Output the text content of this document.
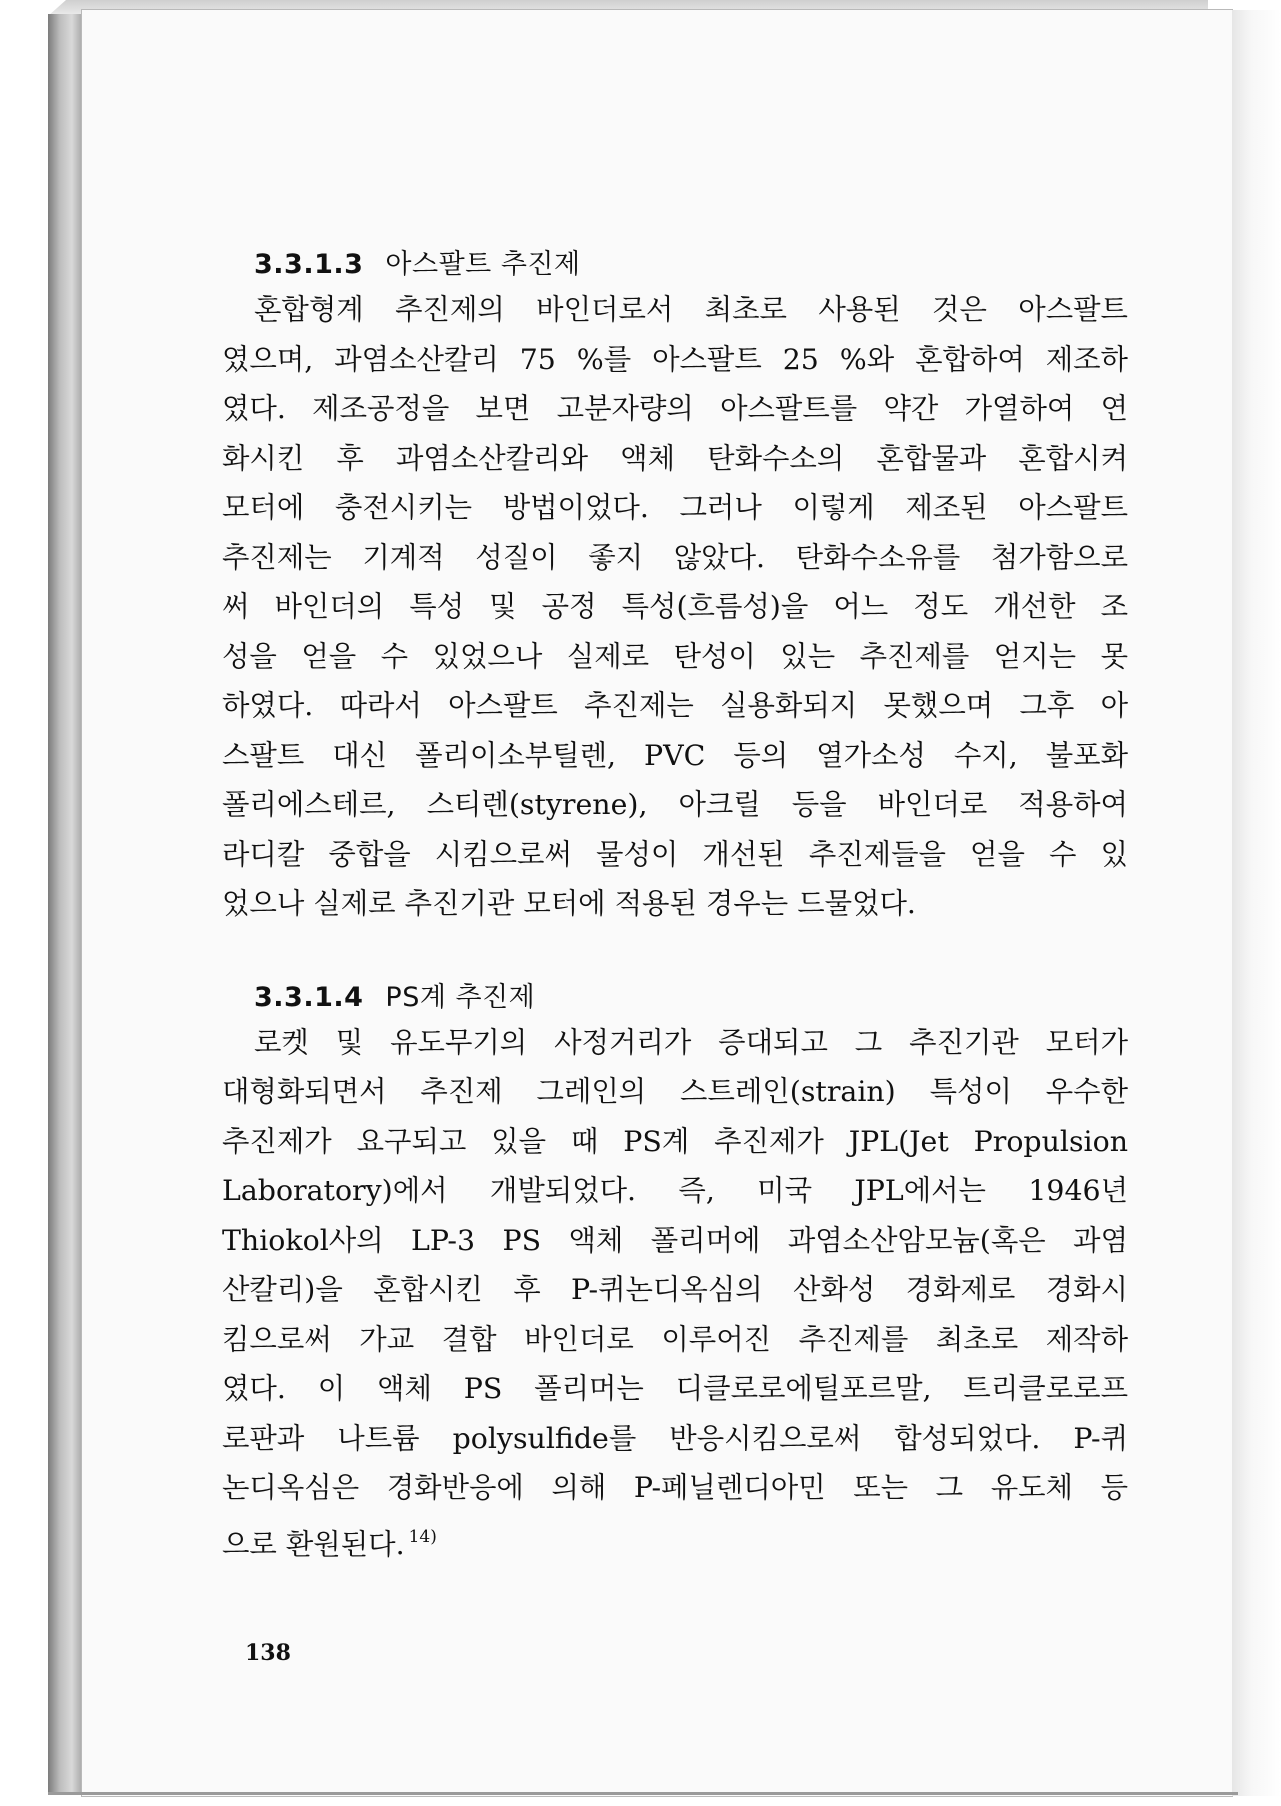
3.3.1.3 아스팔트 추진제
혼합형계 추진제의 바인더로서 최초로 사용된 것은 아스팔트
였으며, 과염소산칼리 75 %를 아스팔트 25 %와 혼합하여 제조하
였다. 제조공정을 보면 고분자량의 아스팔트를 약간 가열하여 연
화시킨 후 과염소산칼리와 액체 탄화수소의 혼합물과 혼합시켜
모터에 충전시키는 방법이었다. 그러나 이렇게 제조된 아스팔트
추진제는 기계적 성질이 좋지 않았다. 탄화수소유를 첨가함으로
써 바인더의 특성 및 공정 특성(흐름성)을 어느 정도 개선한 조
성을 얻을 수 있었으나 실제로 탄성이 있는 추진제를 얻지는 못
하였다. 따라서 아스팔트 추진제는 실용화되지 못했으며 그후 아
스팔트 대신 폴리이소부틸렌, PVC 등의 열가소성 수지, 불포화
폴리에스테르, 스티렌(styrene), 아크릴 등을 바인더로 적용하여
라디칼 중합을 시킴으로써 물성이 개선된 추진제들을 얻을 수 있
었으나 실제로 추진기관 모터에 적용된 경우는 드물었다.
3.3.1.4 PS계 추진제
로켓 및 유도무기의 사정거리가 증대되고 그 추진기관 모터가
대형화되면서 추진제 그레인의 스트레인(strain) 특성이 우수한
추진제가 요구되고 있을 때 PS계 추진제가 JPL(Jet Propulsion
Laboratory)에서 개발되었다. 즉, 미국 JPL에서는 1946년
Thiokol사의 LP-3 PS 액체 폴리머에 과염소산암모늄(혹은 과염
산칼리)을 혼합시킨 후 P-퀴논디옥심의 산화성 경화제로 경화시
킴으로써 가교 결합 바인더로 이루어진 추진제를 최초로 제작하
였다. 이 액체 PS 폴리머는 디클로로에틸포르말, 트리클로로프
로판과 나트륨 polysulfide를 반응시킴으로써 합성되었다. P-퀴
논디옥심은 경화반응에 의해 P-페닐렌디아민 또는 그 유도체 등
으로 환원된다. $^{14)}$
138
